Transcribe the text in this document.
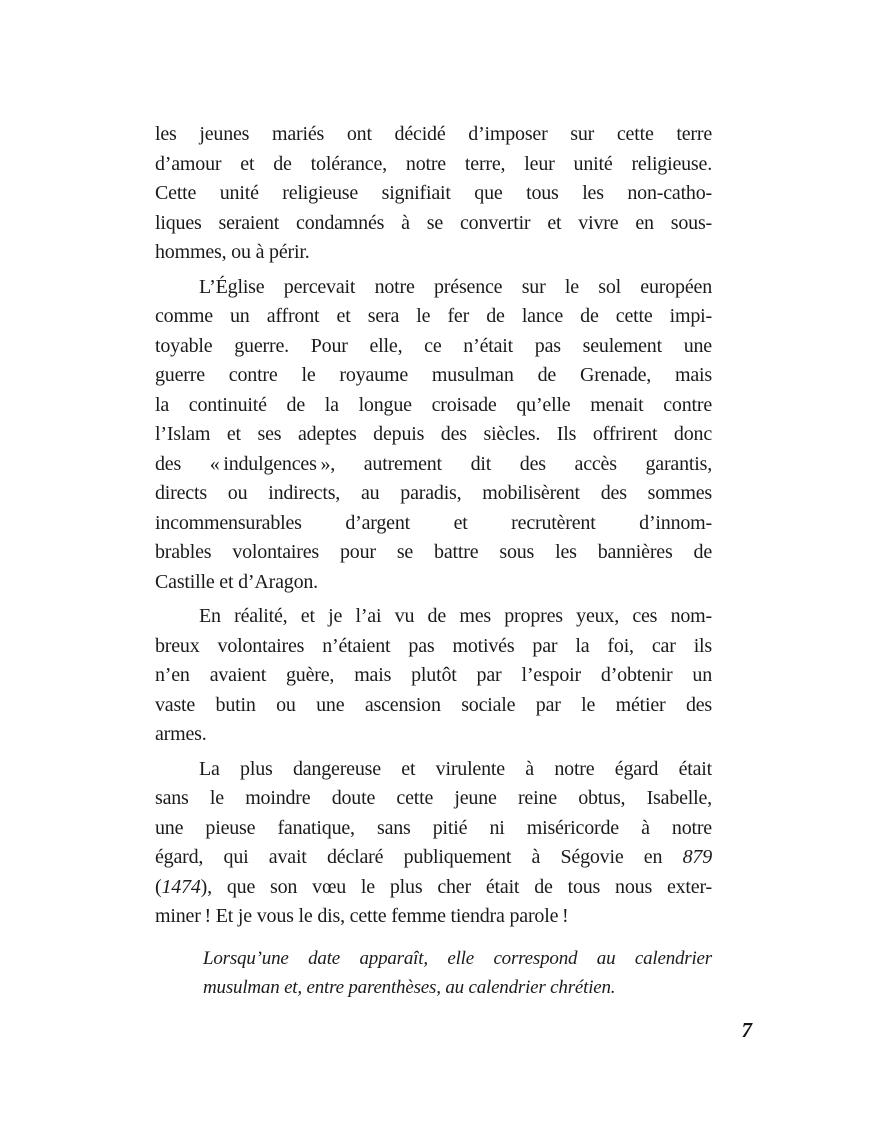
les jeunes mariés ont décidé d’imposer sur cette terre
d’amour et de tolérance, notre terre, leur unité religieuse.
Cette unité religieuse signifiait que tous les non-catho-
liques seraient condamnés à se convertir et vivre en sous-
hommes, ou à périr.
L’Église percevait notre présence sur le sol européen
comme un affront et sera le fer de lance de cette impi-
toyable guerre. Pour elle, ce n’était pas seulement une
guerre contre le royaume musulman de Grenade, mais
la continuité de la longue croisade qu’elle menait contre
l’Islam et ses adeptes depuis des siècles. Ils offrirent donc
des « indulgences », autrement dit des accès garantis,
directs ou indirects, au paradis, mobilisèrent des sommes
incommensurables d’argent et recrutèrent d’innom-
brables volontaires pour se battre sous les bannières de
Castille et d’Aragon.
En réalité, et je l’ai vu de mes propres yeux, ces nom-
breux volontaires n’étaient pas motivés par la foi, car ils
n’en avaient guère, mais plutôt par l’espoir d’obtenir un
vaste butin ou une ascension sociale par le métier des
armes.
La plus dangereuse et virulente à notre égard était
sans le moindre doute cette jeune reine obtus, Isabelle,
une pieuse fanatique, sans pitié ni miséricorde à notre
égard, qui avait déclaré publiquement à Ségovie en 879
(1474), que son vœu le plus cher était de tous nous exter-
miner ! Et je vous le dis, cette femme tiendra parole !
Lorsqu’une date apparaît, elle correspond au calendrier
musulman et, entre parenthèses, au calendrier chrétien.
7
